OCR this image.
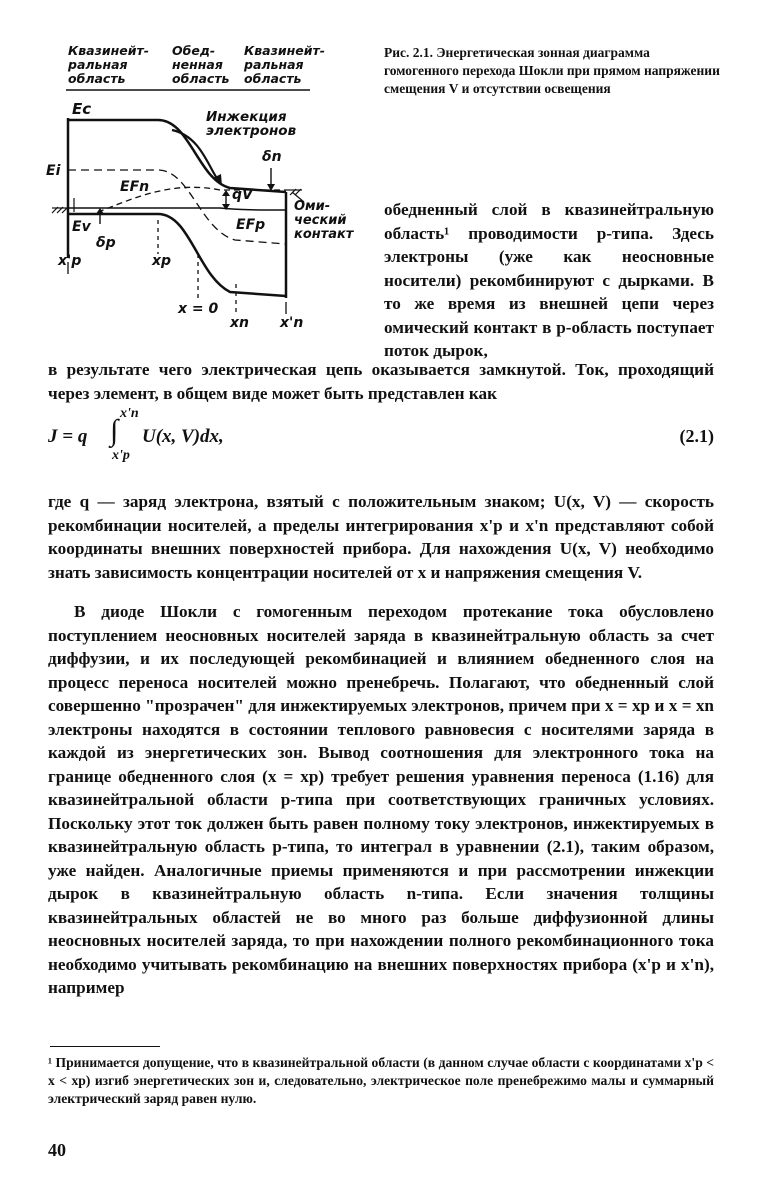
Квазинейт-
ральная
область
Обед-
ненная
область
Квазинейт-
ральная
область
Ec
Ei
Ev
EFn
EFp
qV
Инжекция
электронов
δn
δp
Оми-
ческий
контакт
x'p	xp
x = 0
xn x'n
Рис. 2.1. Энергетическая зонная диаграмма гомогенного перехода Шокли при прямом напряжении смещения V и отсутствии освещения
обедненный слой в квазинейтральную область¹ проводимости p-типа. Здесь электроны (уже как неосновные носители) рекомбинируют с дырками. В то же время из внешней цепи через омический контакт в p-область поступает поток дырок,
в результате чего электрическая цепь оказывается замкнутой. Ток, проходящий через элемент, в общем виде может быть представлен как
J = q ∫
x'n
x'p
U(x, V)dx,	(2.1)
где q — заряд электрона, взятый с положительным знаком; U(x, V) — скорость рекомбинации носителей, а пределы интегрирования x'p и x'n представляют собой координаты внешних поверхностей прибора. Для нахождения U(x, V) необходимо знать зависимость концентрации носителей от x и напряжения смещения V.
В диоде Шокли с гомогенным переходом протекание тока обусловлено поступлением неосновных носителей заряда в квазинейтральную область за счет диффузии, и их последующей рекомбинацией и влиянием обедненного слоя на процесс переноса носителей можно пренебречь. Полагают, что обедненный слой совершенно "прозрачен" для инжектируемых электронов, причем при x = xp и x = xn электроны находятся в состоянии теплового равновесия с носителями заряда в каждой из энергетических зон. Вывод соотношения для электронного тока на границе обедненного слоя (x = xp) требует решения уравнения переноса (1.16) для квазинейтральной области p-типа при соответствующих граничных условиях. Поскольку этот ток должен быть равен полному току электронов, инжектируемых в квазинейтральную область p-типа, то интеграл в уравнении (2.1), таким образом, уже найден. Аналогичные приемы применяются и при рассмотрении инжекции дырок в квазинейтральную область n-типа. Если значения толщины квазинейтральных областей не во много раз больше диффузионной длины неосновных носителей заряда, то при нахождении полного рекомбинационного тока необходимо учитывать рекомбинацию на внешних поверхностях прибора (x'p и x'n), например
¹ Принимается допущение, что в квазинейтральной области (в данном случае области с координатами x'p < x < xp) изгиб энергетических зон и, следовательно, электрическое поле пренебрежимо малы и суммарный электрический заряд равен нулю.
40
